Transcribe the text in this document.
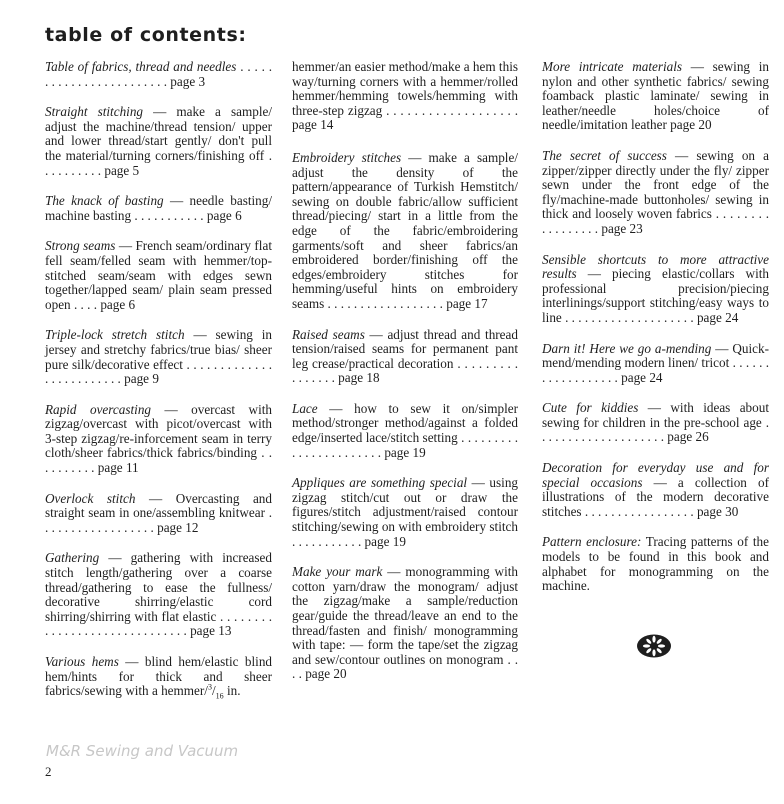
table of contents:

Table of fabrics, thread and needles . . . . . . . . . . . . . . . . . . . . . . . . page 3

Straight stitching — make a sample/ adjust the machine/thread tension/ upper and lower thread/start gently/ don't pull the material/turning corners/finishing off . . . . . . . . . . page 5

The knack of basting — needle basting/ machine basting . . . . . . . . . . . page 6

Strong seams — French seam/ordinary flat fell seam/felled seam with hemmer/top-stitched seam/seam with edges sewn together/lapped seam/ plain seam pressed open . . . . page 6

Triple-lock stretch stitch — sewing in jersey and stretchy fabrics/true bias/ sheer pure silk/decorative effect . . . . . . . . . . . . . . . . . . . . . . . . . page 9

Rapid overcasting — overcast with zigzag/overcast with picot/overcast with 3-step zigzag/re-inforcement seam in terry cloth/sheer fabrics/thick fabrics/binding . . . . . . . . . . page 11

Overlock stitch — Overcasting and straight seam in one/assembling knitwear . . . . . . . . . . . . . . . . . . page 12

Gathering — gathering with increased stitch length/gathering over a coarse thread/gathering to ease the fullness/ decorative shirring/elastic cord shirring/shirring with flat elastic . . . . . . . . . . . . . . . . . . . . . . . . . . . . . . page 13

Various hems — blind hem/elastic blind hem/hints for thick and sheer fabrics/sewing with a hemmer/$^3/_{16}$ in.

hemmer/an easier method/make a hem this way/turning corners with a hemmer/rolled hemmer/hemming towels/hemming with three-step zigzag . . . . . . . . . . . . . . . . . . . page 14

Embroidery stitches — make a sample/ adjust the density of the pattern/appearance of Turkish Hemstitch/ sewing on double fabric/allow sufficient thread/piecing/ start in a little from the edge of the fabric/embroidering garments/soft and sheer fabrics/an embroidered border/finishing off the edges/embroidery stitches for hemming/useful hints on embroidery seams . . . . . . . . . . . . . . . . . . page 17

Raised seams — adjust thread and thread tension/raised seams for permanent pant leg crease/practical decoration . . . . . . . . . . . . . . . . page 18

Lace — how to sew it on/simpler method/stronger method/against a folded edge/inserted lace/stitch setting . . . . . . . . . . . . . . . . . . . . . . . page 19

Appliques are something special — using zigzag stitch/cut out or draw the figures/stitch adjustment/raised contour stitching/sewing on with embroidery stitch . . . . . . . . . . . page 19

Make your mark — monogramming with cotton yarn/draw the monogram/ adjust the zigzag/make a sample/reduction gear/guide the thread/leave an end to the thread/fasten and finish/ monogramming with tape: — form the tape/set the zigzag and sew/contour outlines on monogram . . . . page 20

More intricate materials — sewing in nylon and other synthetic fabrics/ sewing foamback plastic laminate/ sewing in leather/needle holes/choice of needle/imitation leather page 20

The secret of success — sewing on a zipper/zipper directly under the fly/ zipper sewn under the front edge of the fly/machine-made buttonholes/ sewing in thick and loosely woven fabrics . . . . . . . . . . . . . . . . . page 23

Sensible shortcuts to more attractive results — piecing elastic/collars with professional precision/piecing interlinings/support stitching/easy ways to line . . . . . . . . . . . . . . . . . . . . page 24

Darn it! Here we go a-mending — Quick-mend/mending modern linen/ tricot . . . . . . . . . . . . . . . . . . page 24

Cute for kiddies — with ideas about sewing for children in the pre-school age . . . . . . . . . . . . . . . . . . . . page 26

Decoration for everyday use and for special occasions — a collection of illustrations of the modern decorative stitches . . . . . . . . . . . . . . . . . page 30

Pattern enclosure: Tracing patterns of the models to be found in this book and alphabet for monogramming on the machine.

M&R Sewing and Vacuum
2
